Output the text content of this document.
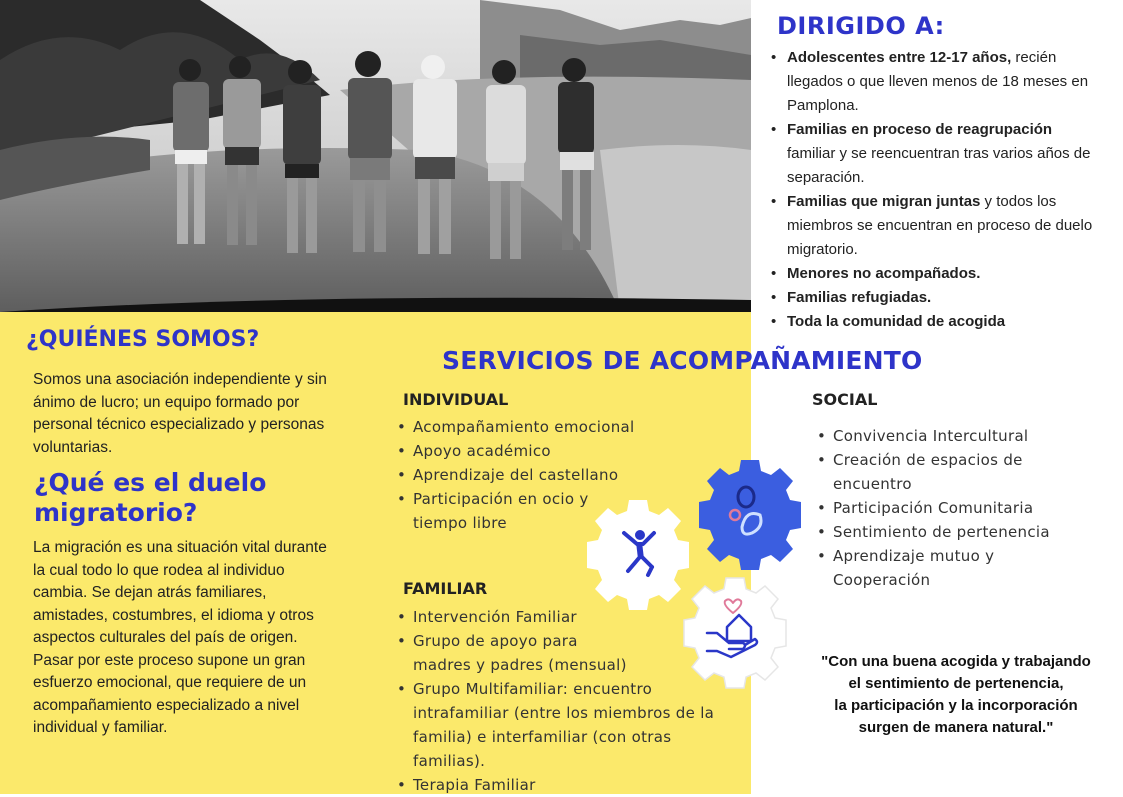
DIRIGIDO A:
• Adolescentes entre 12-17 años, recién llegados o que lleven menos de 18 meses en Pamplona.
• Familias en proceso de reagrupación familiar y se reencuentran tras varios años de separación.
• Familias que migran juntas y todos los miembros se encuentran en proceso de duelo migratorio.
• Menores no acompañados.
• Familias refugiadas.
• Toda la comunidad de acogida
¿QUIÉNES SOMOS?
Somos una asociación independiente y sin ánimo de lucro; un equipo formado por personal técnico especializado y personas voluntarias.
¿Qué es el duelo
migratorio?
La migración es una situación vital durante la cual todo lo que rodea al individuo cambia. Se dejan atrás familiares, amistades, costumbres, el idioma y otros aspectos culturales del país de origen.
Pasar por este proceso supone un gran esfuerzo emocional, que requiere de un acompañamiento especializado a nivel individual y familiar.
SERVICIOS DE ACOMPAÑAMIENTO
INDIVIDUAL
• Acompañamiento emocional
• Apoyo académico
• Aprendizaje del castellano
• Participación en ocio y tiempo libre
FAMILIAR
• Intervención Familiar
• Grupo de apoyo para madres y padres (mensual)
• Grupo Multifamiliar: encuentro intrafamiliar (entre los miembros de la familia) e interfamiliar (con otras familias).
• Terapia Familiar
SOCIAL
• Convivencia Intercultural
• Creación de espacios de encuentro
• Participación Comunitaria
• Sentimiento de pertenencia
• Aprendizaje mutuo y Cooperación
"Con una buena acogida y trabajando
el sentimiento de pertenencia,
la participación y la incorporación
surgen de manera natural."
